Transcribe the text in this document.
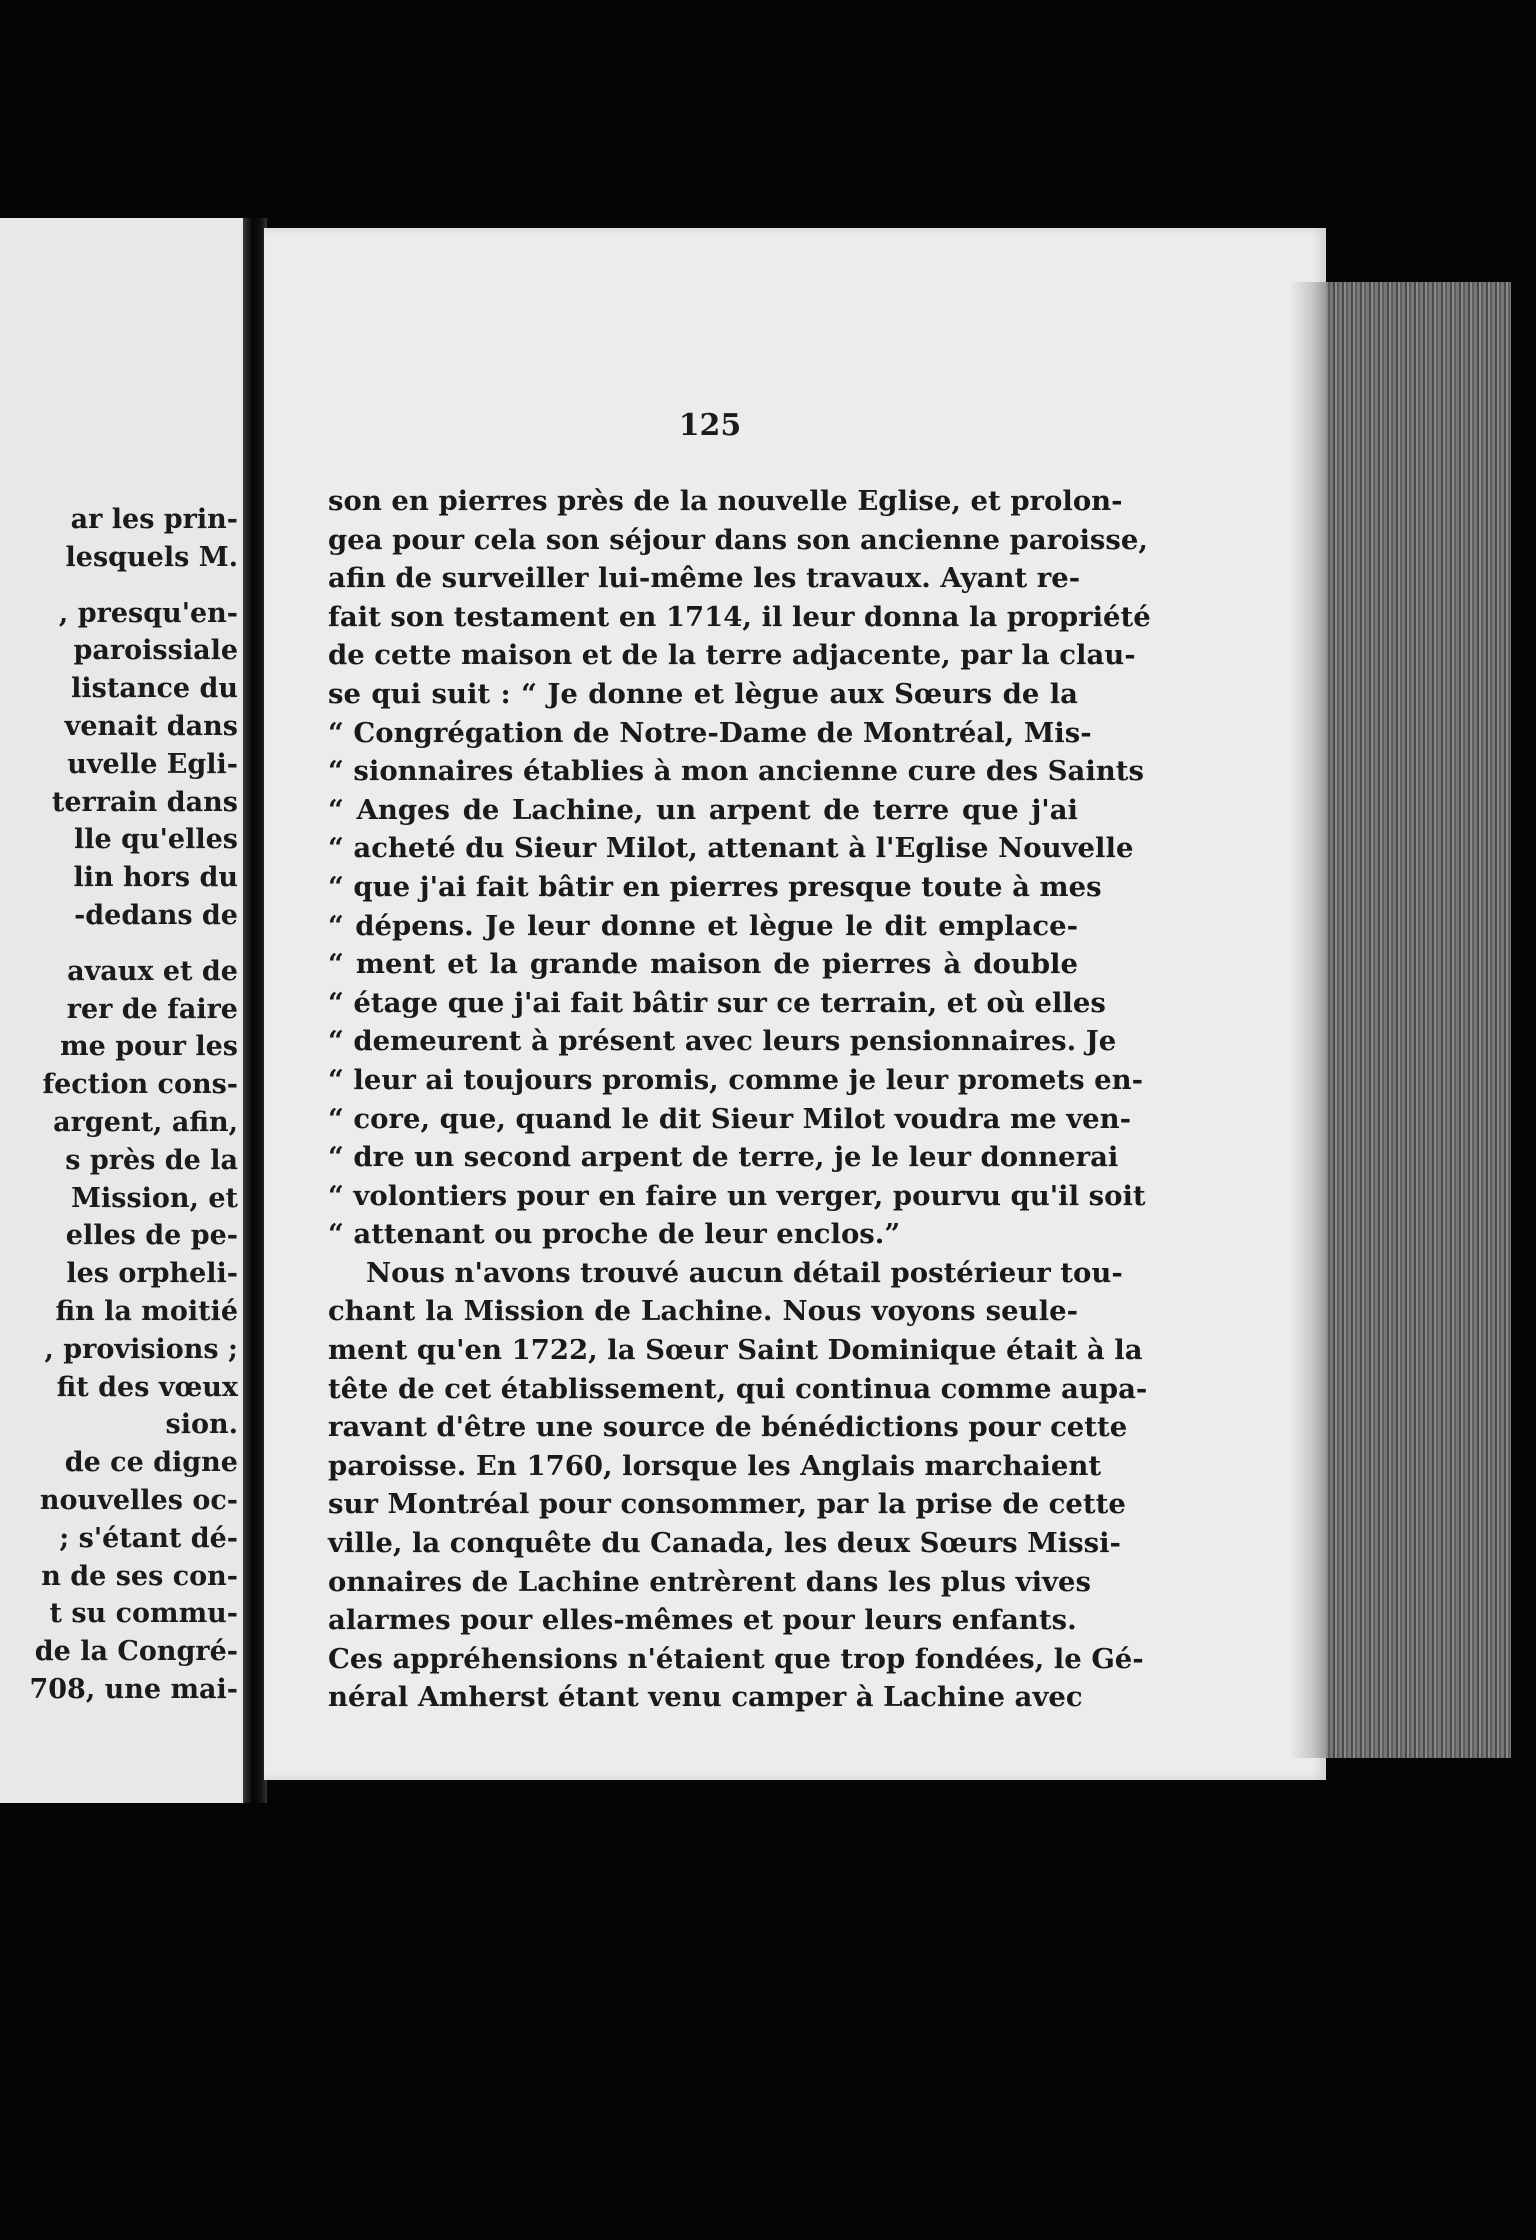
ar les prin-
lesquels M.
, presqu'en-
paroissiale
listance du
venait dans
uvelle Egli-
terrain dans
lle qu'elles
lin hors du
-dedans de
avaux et de
rer de faire
me pour les
fection cons-
argent, afin,
s près de la
Mission, et
elles de pe-
les orpheli-
fin la moitié
, provisions ;
fit des vœux
sion.
de ce digne
nouvelles oc-
; s'étant dé-
n de ses con-
t su commu-
de la Congré-
708, une mai-
125
son en pierres près de la nouvelle Eglise, et prolon-
gea pour cela son séjour dans son ancienne paroisse,
afin de surveiller lui-même les travaux. Ayant re-
fait son testament en 1714, il leur donna la propriété
de cette maison et de la terre adjacente, par la clau-
se qui suit : “ Je donne et lègue aux Sœurs de la
“ Congrégation de Notre-Dame de Montréal, Mis-
“ sionnaires établies à mon ancienne cure des Saints
“ Anges de Lachine, un arpent de terre que j'ai
“ acheté du Sieur Milot, attenant à l'Eglise Nouvelle
“ que j'ai fait bâtir en pierres presque toute à mes
“ dépens. Je leur donne et lègue le dit emplace-
“ ment et la grande maison de pierres à double
“ étage que j'ai fait bâtir sur ce terrain, et où elles
“ demeurent à présent avec leurs pensionnaires. Je
“ leur ai toujours promis, comme je leur promets en-
“ core, que, quand le dit Sieur Milot voudra me ven-
“ dre un second arpent de terre, je le leur donnerai
“ volontiers pour en faire un verger, pourvu qu'il soit
“ attenant ou proche de leur enclos.”
Nous n'avons trouvé aucun détail postérieur tou-
chant la Mission de Lachine. Nous voyons seule-
ment qu'en 1722, la Sœur Saint Dominique était à la
tête de cet établissement, qui continua comme aupa-
ravant d'être une source de bénédictions pour cette
paroisse. En 1760, lorsque les Anglais marchaient
sur Montréal pour consommer, par la prise de cette
ville, la conquête du Canada, les deux Sœurs Missi-
onnaires de Lachine entrèrent dans les plus vives
alarmes pour elles-mêmes et pour leurs enfants.
Ces appréhensions n'étaient que trop fondées, le Gé-
néral Amherst étant venu camper à Lachine avec
